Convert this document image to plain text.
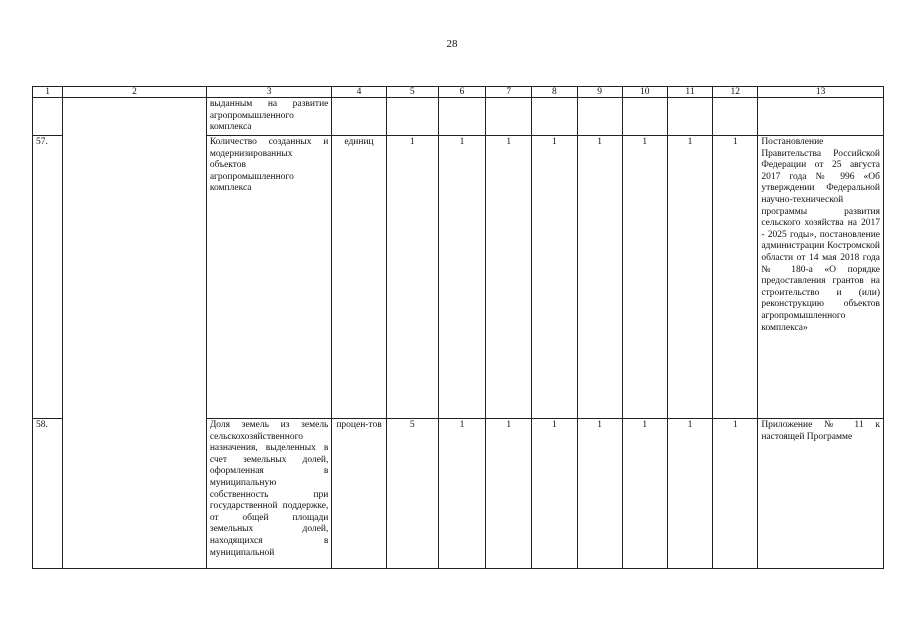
28
1	2	3	4	5	6	7	8	9	10	11	12	13
		выданным на развитие агропромышленного комплекса										
57.		Количество созданных и модернизированных объектов агропромышленного комплекса	единиц	1	1	1	1	1	1	1	1	Постановление Правительства Российской Федерации от 25 августа 2017 года № 996 «Об утверждении Федеральной научно-технической программы развития сельского хозяйства на 2017 - 2025 годы», постановление администрации Костромской области от 14 мая 2018 года № 180-а «О порядке предоставления грантов на строительство и (или) реконструкцию объектов агропромышленного комплекса»
58.		Доля земель из земель сельскохозяйственного назначения, выделенных в счет земельных долей, оформленная в муниципальную собственность при государственной поддержке, от общей площади земельных долей, находящихся в муниципальной	процен-тов	5	1	1	1	1	1	1	1	Приложение № 11 к настоящей Программе
